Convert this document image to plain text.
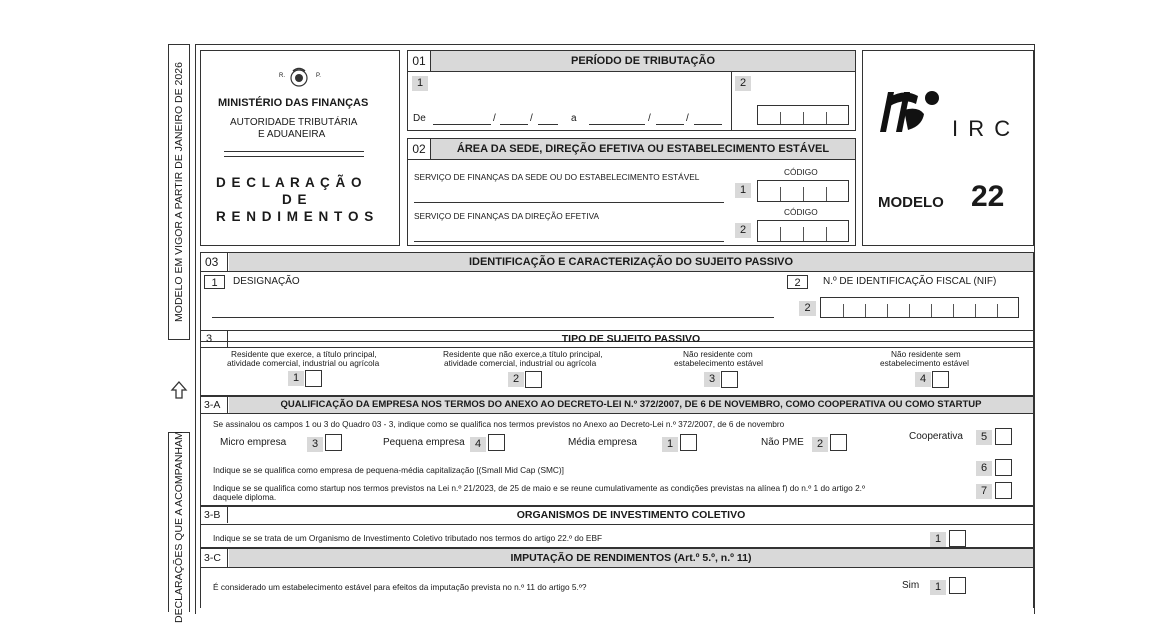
MODELO EM VIGOR A PARTIR DE JANEIRO DE 2026
DECLARAÇÕES QUE A ACOMPANHAM
R.	P.
MINISTÉRIO DAS FINANÇAS
AUTORIDADE TRIBUTÁRIA
E ADUANEIRA
D E C L A R A Ç Ã O
D E
R E N D I M E N T O S
01	PERÍODO DE TRIBUTAÇÃO
1	2
De	/	/	a	/	/
02	ÁREA DA SEDE, DIREÇÃO EFETIVA OU ESTABELECIMENTO ESTÁVEL
SERVIÇO DE FINANÇAS DA SEDE OU DO ESTABELECIMENTO ESTÁVEL	CÓDIGO
1
SERVIÇO DE FINANÇAS DA DIREÇÃO EFETIVA	CÓDIGO
2
I R C
MODELO 22
03	IDENTIFICAÇÃO E CARACTERIZAÇÃO DO SUJEITO PASSIVO
1	DESIGNAÇÃO	2	N.º DE IDENTIFICAÇÃO FISCAL (NIF)
2
3	TIPO DE SUJEITO PASSIVO
Residente que exerce, a título principal,
atividade comercial, industrial ou agrícola
1
Residente que não exerce,a título principal,
atividade comercial, industrial ou agrícola
2
Não residente com
estabelecimento estável
3
Não residente sem
estabelecimento estável
4
3-A	QUALIFICAÇÃO DA EMPRESA NOS TERMOS DO ANEXO AO DECRETO-LEI N.º 372/2007, DE 6 DE NOVEMBRO, COMO COOPERATIVA OU COMO STARTUP
Se assinalou os campos 1 ou 3 do Quadro 03 - 3, indique como se qualifica nos termos previstos no Anexo ao Decreto-Lei n.º 372/2007, de 6 de novembro
Micro empresa	3	Pequena empresa 4	Média empresa	1	Não PME	2
Cooperativa	5
Indique se se qualifica como empresa de pequena-média capitalização [(Small Mid Cap (SMC)]	6
Indique se se qualifica como startup nos termos previstos na Lei n.º 21/2023, de 25 de maio e se reune cumulativamente as condições previstas na alínea f) do n.º 1 do artigo 2.º
daquele diploma.	7
3-B	ORGANISMOS DE INVESTIMENTO COLETIVO
Indique se se trata de um Organismo de Investimento Coletivo tributado nos termos do artigo 22.º do EBF	1
3-C	IMPUTAÇÃO DE RENDIMENTOS (Art.º 5.º, n.º 11)
É considerado um estabelecimento estável para efeitos da imputação prevista no n.º 11 do artigo 5.º?	Sim	1
